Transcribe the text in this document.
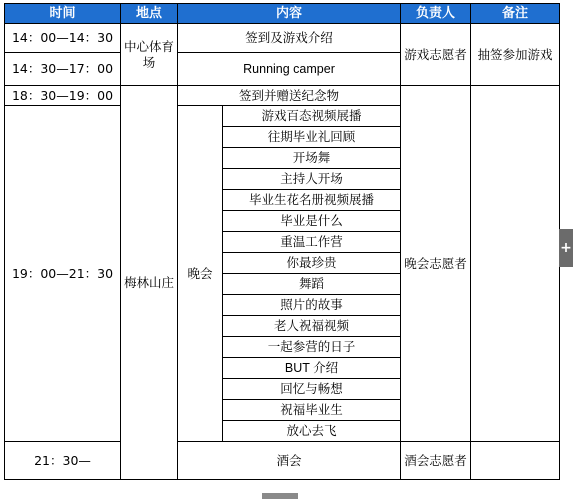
时间	地点	内容		负责人	备注
14：00—14：30	中心体育场	签到及游戏介绍		游戏志愿者	抽签参加游戏
14：30—17：00		Running camper			
18：30—19：00	梅林山庄	签到并赠送纪念物		晚会志愿者	
19：00—21：30		晚会	游戏百态视频展播		
			往期毕业礼回顾		
			开场舞		
			主持人开场		
			毕业生花名册视频展播		
			毕业是什么		
			重温工作营		
			你最珍贵		
			舞蹈		
			照片的故事		
			老人祝福视频		
			一起参营的日子		
			BUT 介绍		
			回忆与畅想		
			祝福毕业生		
			放心去飞		
21：30—		酒会		酒会志愿者	
+
